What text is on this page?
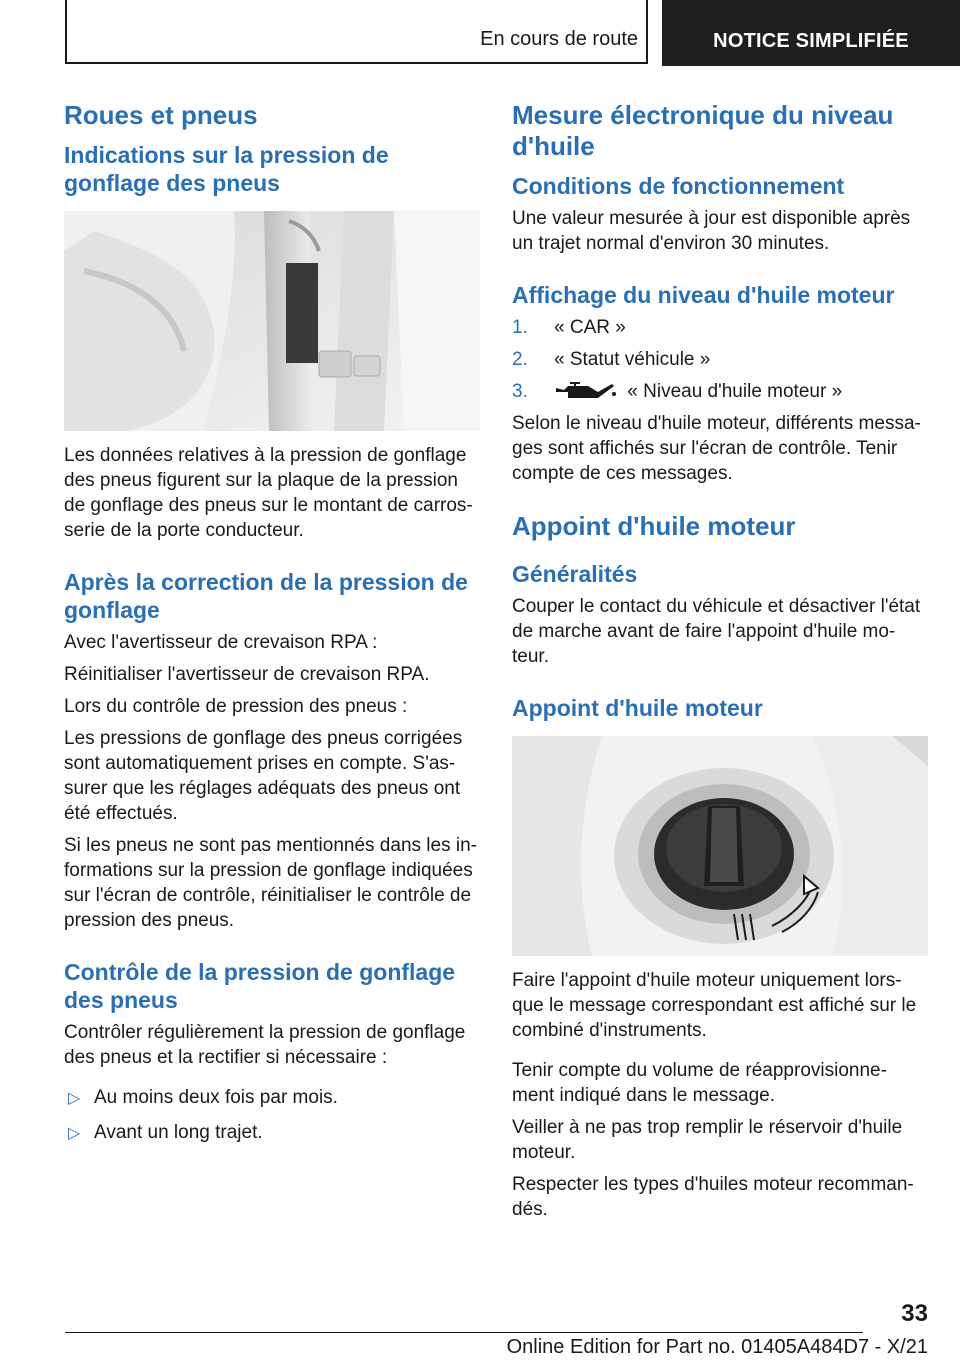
En cours de route	NOTICE SIMPLIFIÉE
Roues et pneus
Indications sur la pression de gonflage des pneus

Les données relatives à la pression de gonflage des pneus figurent sur la plaque de la pression de gonflage des pneus sur le montant de carros-serie de la porte conducteur.

Après la correction de la pression de gonflage

Avec l'avertisseur de crevaison RPA :

Réinitialiser l'avertisseur de crevaison RPA.

Lors du contrôle de pression des pneus :

Les pressions de gonflage des pneus corrigées sont automatiquement prises en compte. S'as-surer que les réglages adéquats des pneus ont été effectués.

Si les pneus ne sont pas mentionnés dans les in-formations sur la pression de gonflage indiquées sur l'écran de contrôle, réinitialiser le contrôle de pression des pneus.

Contrôle de la pression de gonflage des pneus

Contrôler régulièrement la pression de gonflage des pneus et la rectifier si nécessaire :

▷ Au moins deux fois par mois.
▷ Avant un long trajet.
Mesure électronique du niveau d'huile
Conditions de fonctionnement

Une valeur mesurée à jour est disponible après un trajet normal d'environ 30 minutes.

Affichage du niveau d'huile moteur
1. « CAR »
2. « Statut véhicule »
3.	« Niveau d'huile moteur »

Selon le niveau d'huile moteur, différents messa-ges sont affichés sur l'écran de contrôle. Tenir compte de ces messages.

Appoint d'huile moteur
Généralités

Couper le contact du véhicule et désactiver l'état de marche avant de faire l'appoint d'huile mo-teur.

Appoint d'huile moteur

Faire l'appoint d'huile moteur uniquement lors-que le message correspondant est affiché sur le combiné d'instruments.

Tenir compte du volume de réapprovisionne-ment indiqué dans le message.

Veiller à ne pas trop remplir le réservoir d'huile moteur.

Respecter les types d'huiles moteur recomman-dés.

33
Online Edition for Part no. 01405A484D7 - X/21
